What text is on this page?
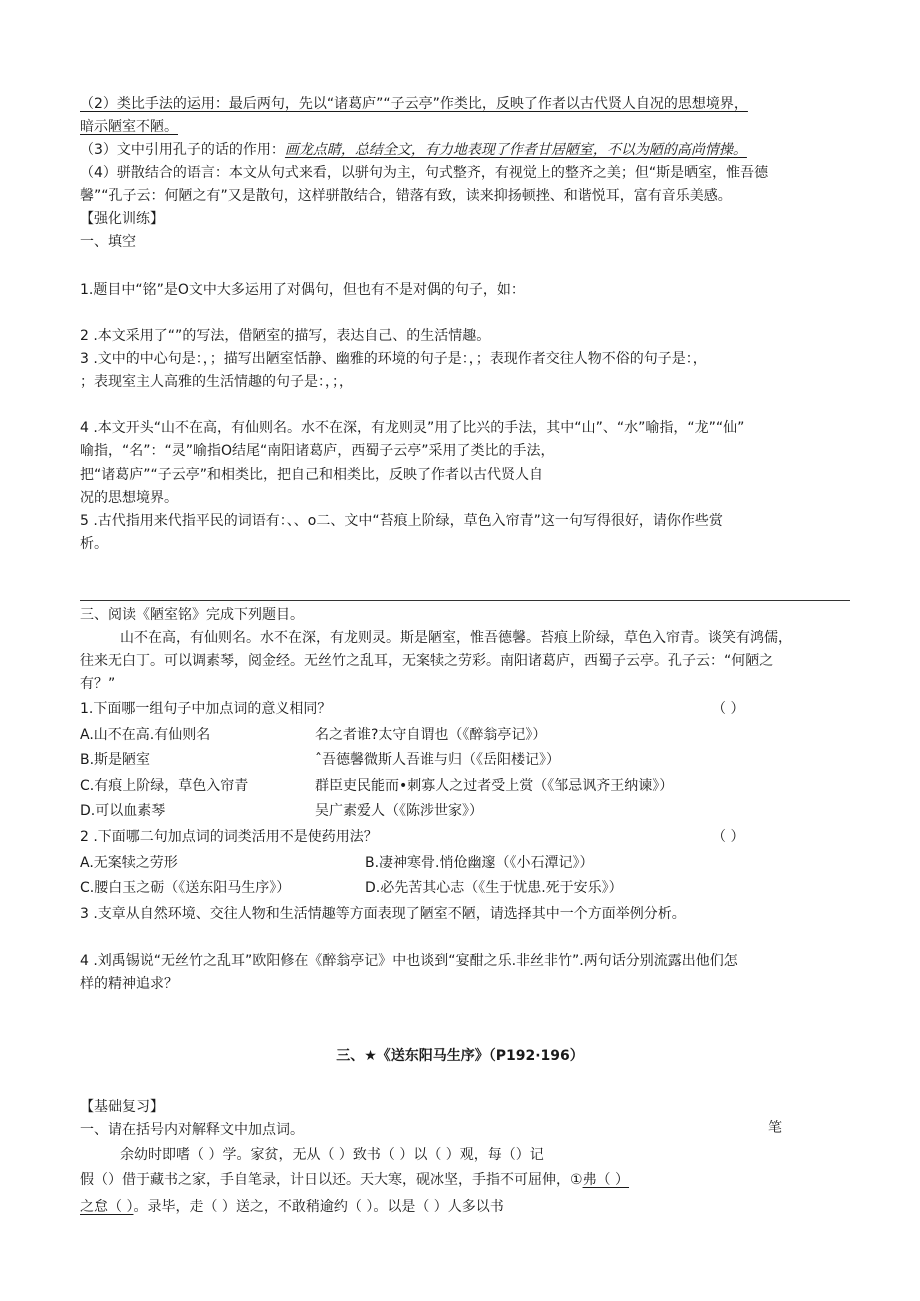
（2）类比手法的运用：最后两句，先以“诸葛庐”“子云亭”作类比，反映了作者以古代贤人自况的思想境界，
暗示陋室不陋。
（3）文中引用孔子的话的作用：画龙点睛，总结全文，有力地表现了作者甘居陋室，不以为陋的高尚情操。
（4）骈散结合的语言：本文从句式来看，以骈句为主，句式整齐，有视觉上的整齐之美；但“斯是晒室，惟吾德
馨”“孔子云：何陋之有”又是散句，这样骈散结合，错落有致，读来抑扬顿挫、和谐悦耳，富有音乐美感。
【强化训练】
一、填空
1.题目中“铭”是O文中大多运用了对偶句，但也有不是对偶的句子，如：
2 .本文采用了“”的写法，借陋室的描写，表达自己、的生活情趣。
3 .文中的中心句是：，；描写出陋室恬静、幽雅的环境的句子是：，；表现作者交往人物不俗的句子是：，
；表现室主人高雅的生活情趣的句子是：，；，
4 .本文开头“山不在高，有仙则名。水不在深，有龙则灵”用了比兴的手法，其中“山”、“水”喻指，“龙”“仙”
喻指，“名”：“灵”喻指O结尾“南阳诸葛庐，西蜀子云亭”采用了类比的手法，
把“诸葛庐”“子云亭”和相类比，把自己和相类比，反映了作者以古代贤人自
况的思想境界。
5 .古代指用来代指平民的词语有：、、o二、文中“苔痕上阶绿，草色入帘青”这一句写得很好，请你作些赏
析。
三、阅读《陋室铭》完成下列题目。
山不在高，有仙则名。水不在深，有龙则灵。斯是陋室，惟吾德馨。苔痕上阶绿，草色入帘青。谈笑有鸿儒，
往来无白丁。可以调素琴，阅金经。无丝竹之乱耳，无案犊之劳彩。南阳诸葛庐，西蜀子云亭。孔子云：“何陋之
有？”
1.下面哪一组句子中加点词的意义相同？	（ ）
A.山不在高.有仙则名	名之者谁?太守自谓也（《醉翁亭记》）
B.斯是陋室	ˆ吾德馨微斯人吾谁与归（《岳阳楼记》）
C.有痕上阶绿，草色入帘青	群臣吏民能而•刺寡人之过者受上赏（《邹忌讽齐王纳谏》）
D.可以血素琴	吴广素爱人（《陈涉世家》）
2 .下面哪二句加点词的词类活用不是使药用法？	（ ）
A.无案犊之劳形	B.凄神寒骨.悄伧幽邃（《小石潭记》）
C.腰白玉之砺（《送东阳马生序》）	D.必先苦其心志（《生于忧患.死于安乐》）
3 .支章从自然环境、交往人物和生活情趣等方面表现了陋室不陋，请选择其中一个方面举例分析。
4 .刘禹锡说“无丝竹之乱耳”欧阳修在《醉翁亭记》中也谈到“宴酣之乐.非丝非竹”.两句话分别流露出他们怎
样的精神追求？
三、★《送东阳马生序》（P192·196）
【基础复习】
一、请在括号内对解释文中加点词。	笔
余幼时即嗜（ ）学。家贫，无从（ ）致书（ ）以（ ）观，每（）记
假（）借于藏书之家，手自笔录，计日以还。天大寒，砚冰坚，手指不可屈伸，①弗（ ）
之怠（ ）。录毕，走（ ）送之，不敢稍逾约（ ）。以是（ ）人多以书
